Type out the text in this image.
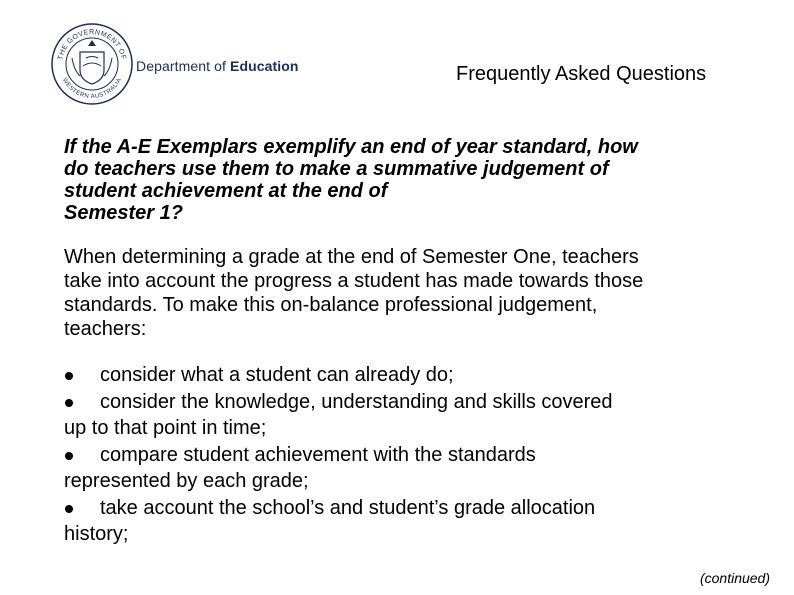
THE GOVERNMENT OF
WESTERN AUSTRALIA
Department of Education	Frequently Asked Questions
If the A-E Exemplars exemplify an end of year standard, how
do teachers use them to make a summative judgement of
student achievement at the end of
Semester 1?
When determining a grade at the end of Semester One, teachers
take into account the progress a student has made towards those
standards. To make this on-balance professional judgement,
teachers:
consider what a student can already do;
consider the knowledge, understanding and skills covered
up to that point in time;
compare student achievement with the standards
represented by each grade;
take account the school’s and student’s grade allocation
history;
(continued)
